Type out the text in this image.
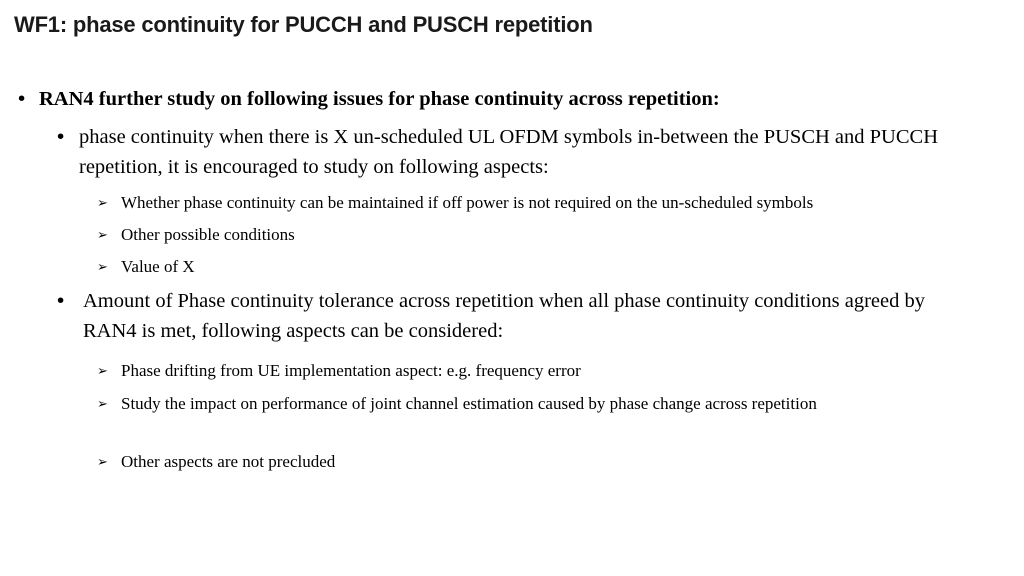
WF1: phase continuity for PUCCH and PUSCH repetition
• RAN4 further study on following issues for phase continuity across repetition:
• phase continuity when there is X un-scheduled UL OFDM symbols in-between the PUSCH and PUCCH repetition, it is encouraged to study on following aspects:
➢ Whether phase continuity can be maintained if off power is not required on the un-scheduled symbols
➢ Other possible conditions
➢ Value of X
• Amount of Phase continuity tolerance across repetition when all phase continuity conditions agreed by RAN4 is met, following aspects can be considered:
➢ Phase drifting from UE implementation aspect: e.g. frequency error
➢ Study the impact on performance of joint channel estimation caused by phase change across repetition
➢ Other aspects are not precluded
